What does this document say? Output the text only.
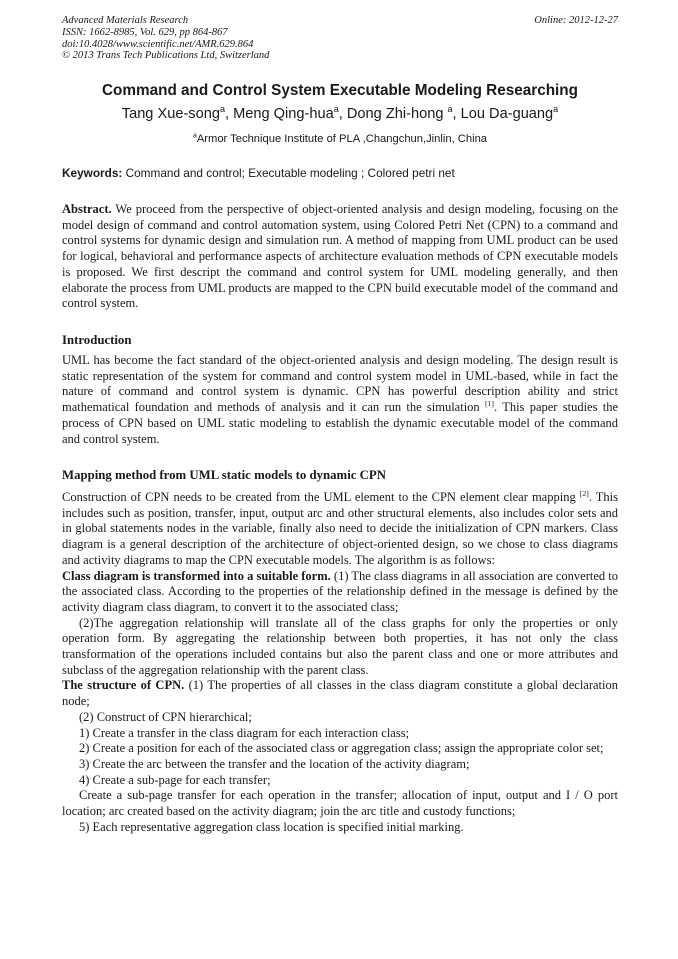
Advanced Materials Research
ISSN: 1662-8985, Vol. 629, pp 864-867
doi:10.4028/www.scientific.net/AMR.629.864
© 2013 Trans Tech Publications Ltd, Switzerland
Online: 2012-12-27
Command and Control System Executable Modeling Researching
Tang Xue-song$^a$, Meng Qing-hua$^a$, Dong Zhi-hong $^a$, Lou Da-guang$^a$
$^a$Armor Technique Institute of PLA ,Changchun,Jinlin, China
Keywords: Command and control; Executable modeling ; Colored petri net

Abstract. We proceed from the perspective of object-oriented analysis and design modeling, focusing on the model design of command and control automation system, using Colored Petri Net (CPN) to a command and control systems for dynamic design and simulation run. A method of mapping from UML product can be used for logical, behavioral and performance aspects of architecture evaluation methods of CPN executable models is proposed. We first descript the command and control system for UML modeling generally, and then elaborate the process from UML products are mapped to the CPN build executable model of the command and control system.

Introduction

UML has become the fact standard of the object-oriented analysis and design modeling. The design result is static representation of the system for command and control system model in UML-based, while in fact the nature of command and control system is dynamic. CPN has powerful description ability and strict mathematical foundation and methods of analysis and it can run the simulation [1]. This paper studies the process of CPN based on UML static modeling to establish the dynamic executable model of the command and control system.

Mapping method from UML static models to dynamic CPN

Construction of CPN needs to be created from the UML element to the CPN element clear mapping [2]. This includes such as position, transfer, input, output arc and other structural elements, also includes color sets and in global statements nodes in the variable, finally also need to decide the initialization of CPN markers. Class diagram is a general description of the architecture of object-oriented design, so we chose to class diagrams and activity diagrams to map the CPN executable models. The algorithm is as follows:

Class diagram is transformed into a suitable form. (1) The class diagrams in all association are converted to the associated class. According to the properties of the relationship defined in the message is defined by the activity diagram class diagram, to convert it to the associated class;

(2)The aggregation relationship will translate all of the class graphs for only the properties or only operation form. By aggregating the relationship between both properties, it has not only the class transformation of the operations included contains but also the parent class and one or more attributes and subclass of the aggregation relationship with the parent class.

The structure of CPN. (1) The properties of all classes in the class diagram constitute a global declaration node;

(2) Construct of CPN hierarchical;

1) Create a transfer in the class diagram for each interaction class;

2) Create a position for each of the associated class or aggregation class; assign the appropriate color set;

3) Create the arc between the transfer and the location of the activity diagram;

4) Create a sub-page for each transfer;

Create a sub-page transfer for each operation in the transfer; allocation of input, output and I / O port location; arc created based on the activity diagram; join the arc title and custody functions;

5) Each representative aggregation class location is specified initial marking.
